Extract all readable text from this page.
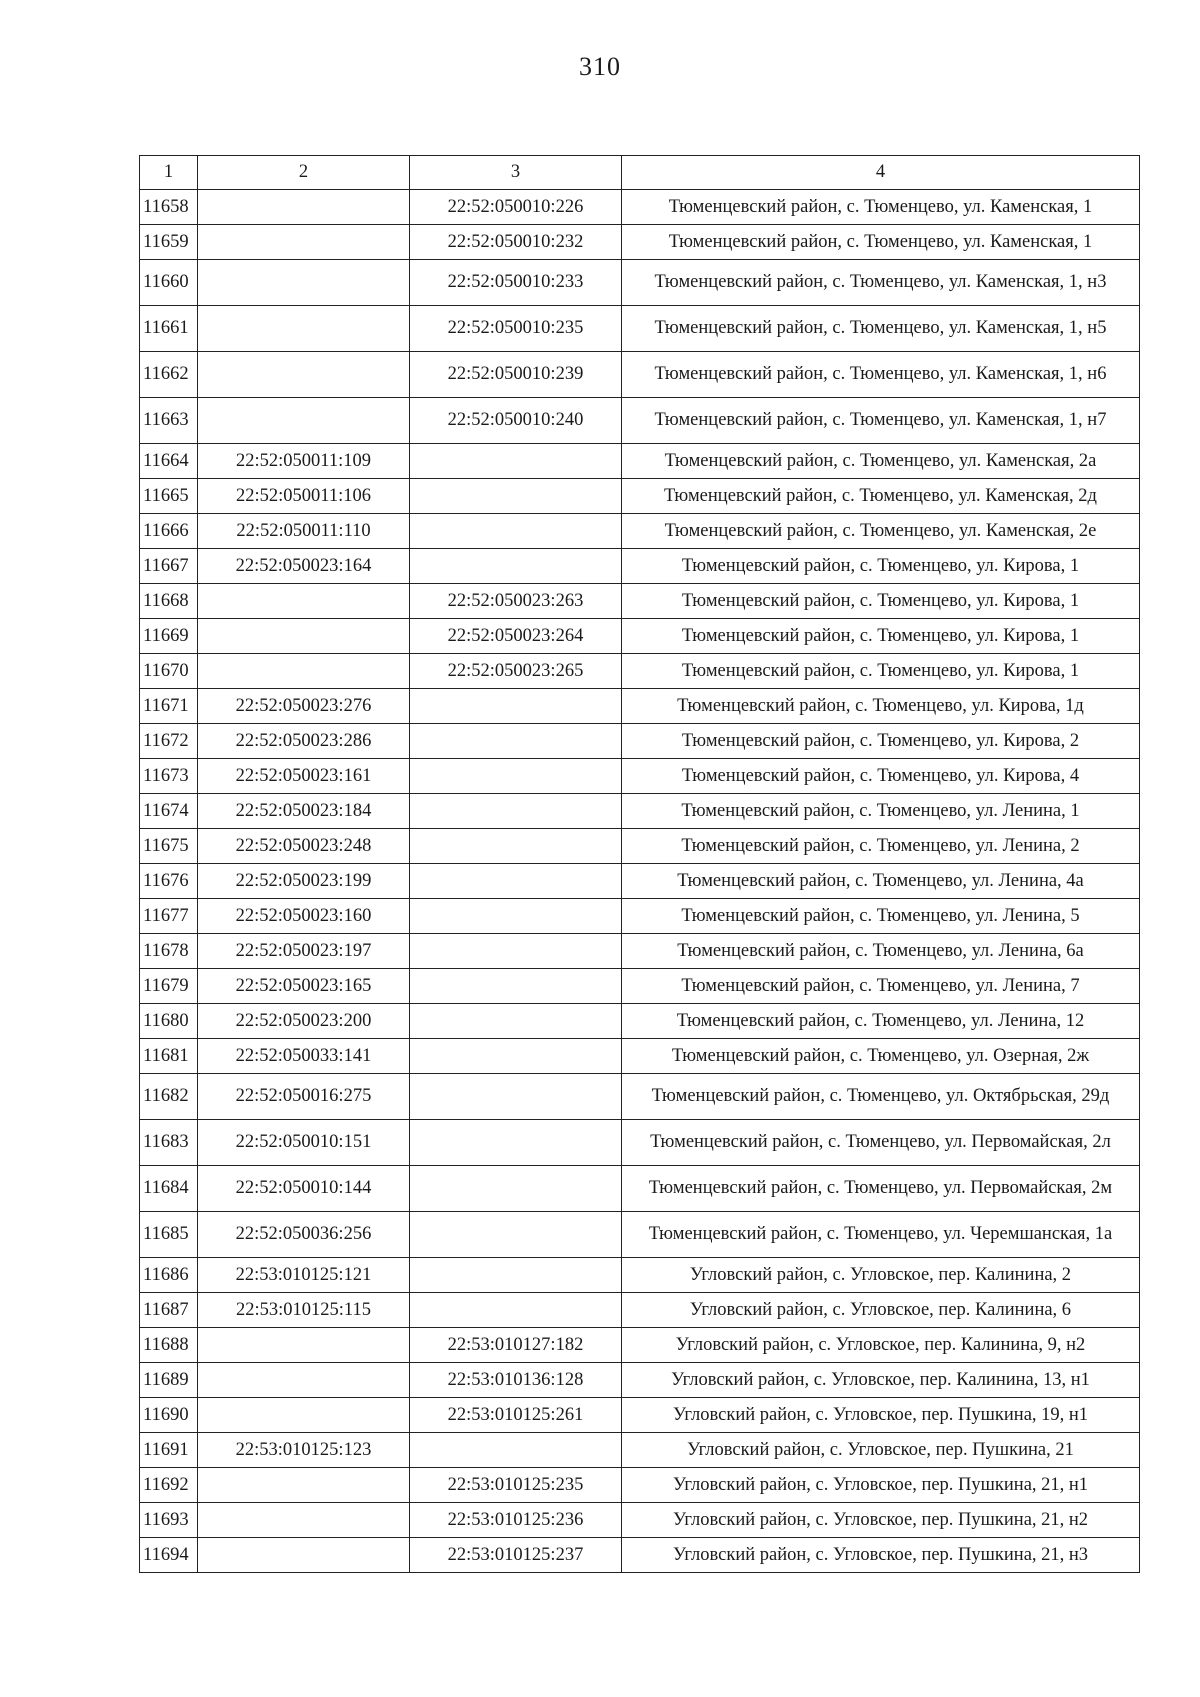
310
1	2	3	4
11658		22:52:050010:226	Тюменцевский район, с. Тюменцево, ул. Каменская, 1
11659		22:52:050010:232	Тюменцевский район, с. Тюменцево, ул. Каменская, 1
11660		22:52:050010:233	Тюменцевский район, с. Тюменцево, ул. Каменская, 1, н3
11661		22:52:050010:235	Тюменцевский район, с. Тюменцево, ул. Каменская, 1, н5
11662		22:52:050010:239	Тюменцевский район, с. Тюменцево, ул. Каменская, 1, н6
11663		22:52:050010:240	Тюменцевский район, с. Тюменцево, ул. Каменская, 1, н7
11664	22:52:050011:109		Тюменцевский район, с. Тюменцево, ул. Каменская, 2а
11665	22:52:050011:106		Тюменцевский район, с. Тюменцево, ул. Каменская, 2д
11666	22:52:050011:110		Тюменцевский район, с. Тюменцево, ул. Каменская, 2е
11667	22:52:050023:164		Тюменцевский район, с. Тюменцево, ул. Кирова, 1
11668		22:52:050023:263	Тюменцевский район, с. Тюменцево, ул. Кирова, 1
11669		22:52:050023:264	Тюменцевский район, с. Тюменцево, ул. Кирова, 1
11670		22:52:050023:265	Тюменцевский район, с. Тюменцево, ул. Кирова, 1
11671	22:52:050023:276		Тюменцевский район, с. Тюменцево, ул. Кирова, 1д
11672	22:52:050023:286		Тюменцевский район, с. Тюменцево, ул. Кирова, 2
11673	22:52:050023:161		Тюменцевский район, с. Тюменцево, ул. Кирова, 4
11674	22:52:050023:184		Тюменцевский район, с. Тюменцево, ул. Ленина, 1
11675	22:52:050023:248		Тюменцевский район, с. Тюменцево, ул. Ленина, 2
11676	22:52:050023:199		Тюменцевский район, с. Тюменцево, ул. Ленина, 4а
11677	22:52:050023:160		Тюменцевский район, с. Тюменцево, ул. Ленина, 5
11678	22:52:050023:197		Тюменцевский район, с. Тюменцево, ул. Ленина, 6а
11679	22:52:050023:165		Тюменцевский район, с. Тюменцево, ул. Ленина, 7
11680	22:52:050023:200		Тюменцевский район, с. Тюменцево, ул. Ленина, 12
11681	22:52:050033:141		Тюменцевский район, с. Тюменцево, ул. Озерная, 2ж
11682	22:52:050016:275		Тюменцевский район, с. Тюменцево, ул. Октябрьская, 29д
11683	22:52:050010:151		Тюменцевский район, с. Тюменцево, ул. Первомайская, 2л
11684	22:52:050010:144		Тюменцевский район, с. Тюменцево, ул. Первомайская, 2м
11685	22:52:050036:256		Тюменцевский район, с. Тюменцево, ул. Черемшанская, 1а
11686	22:53:010125:121		Угловский район, с. Угловское, пер. Калинина, 2
11687	22:53:010125:115		Угловский район, с. Угловское, пер. Калинина, 6
11688		22:53:010127:182	Угловский район, с. Угловское, пер. Калинина, 9, н2
11689		22:53:010136:128	Угловский район, с. Угловское, пер. Калинина, 13, н1
11690		22:53:010125:261	Угловский район, с. Угловское, пер. Пушкина, 19, н1
11691	22:53:010125:123		Угловский район, с. Угловское, пер. Пушкина, 21
11692		22:53:010125:235	Угловский район, с. Угловское, пер. Пушкина, 21, н1
11693		22:53:010125:236	Угловский район, с. Угловское, пер. Пушкина, 21, н2
11694		22:53:010125:237	Угловский район, с. Угловское, пер. Пушкина, 21, н3
